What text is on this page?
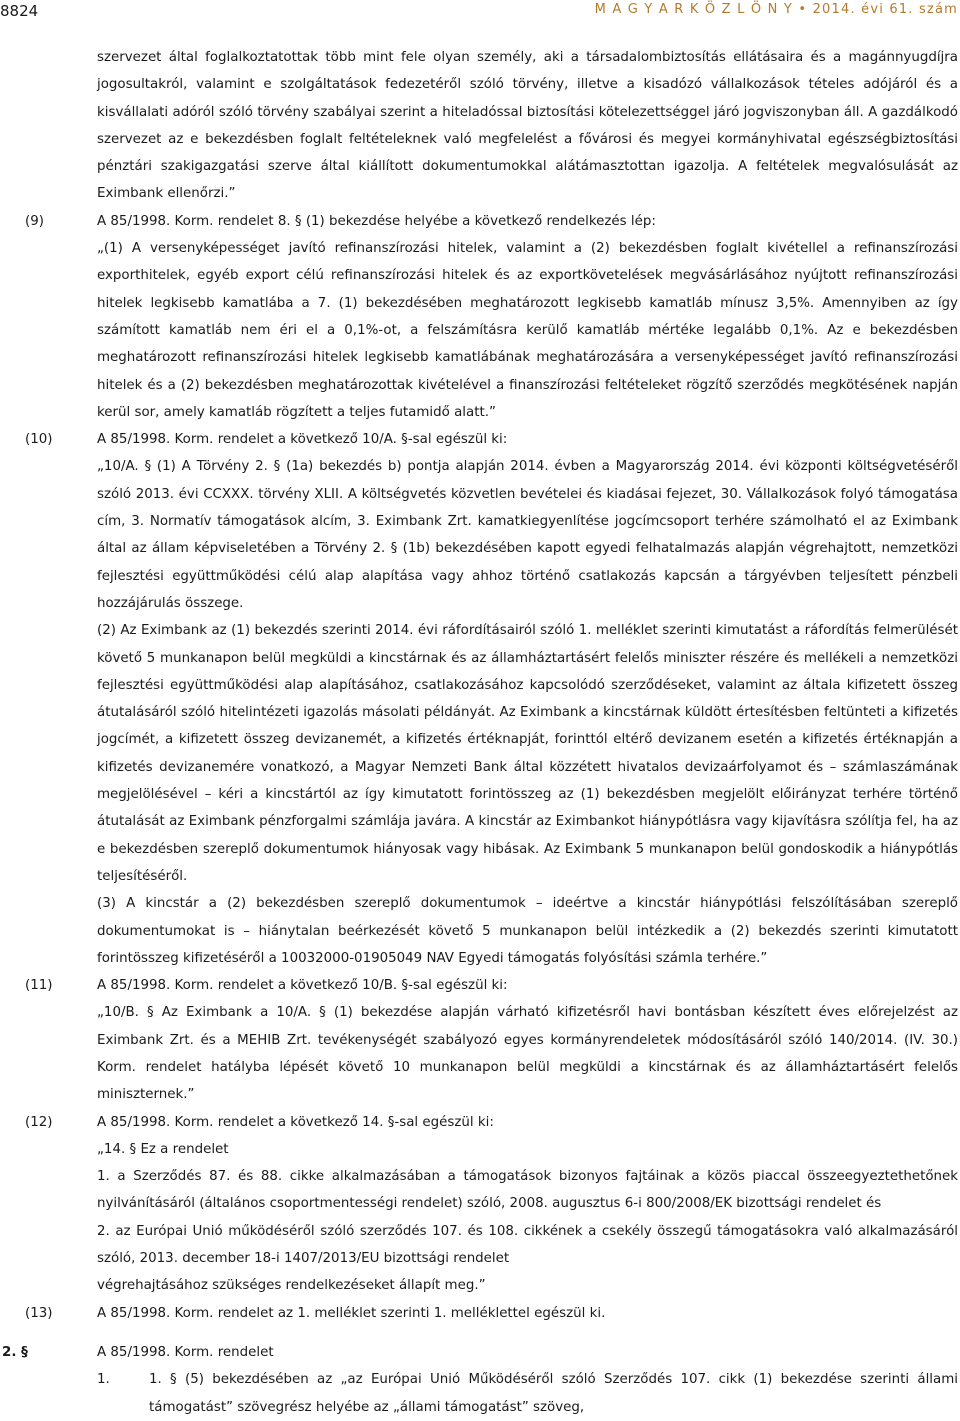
8824	M A G Y A R K Ö Z L Ö N Y • 2014. évi 61. szám
szervezet által foglalkoztatottak több mint fele olyan személy, aki a társadalombiztosítás ellátásaira és a magánnyugdíjra jogosultakról, valamint e szolgáltatások fedezetéről szóló törvény, illetve a kisadózó vállalkozások tételes adójáról és a kisvállalati adóról szóló törvény szabályai szerint a hiteladóssal biztosítási kötelezettséggel járó jogviszonyban áll. A gazdálkodó szervezet az e bekezdésben foglalt feltételeknek való megfelelést a fővárosi és megyei kormányhivatal egészségbiztosítási pénztári szakigazgatási szerve által kiállított dokumentumokkal alátámasztottan igazolja. A feltételek megvalósulását az Eximbank ellenőrzi.”
(9)	A 85/1998. Korm. rendelet 8. § (1) bekezdése helyébe a következő rendelkezés lép:
„(1) A versenyképességet javító refinanszírozási hitelek, valamint a (2) bekezdésben foglalt kivétellel a refinanszírozási exporthitelek, egyéb export célú refinanszírozási hitelek és az exportkövetelések megvásárlásához nyújtott refinanszírozási hitelek legkisebb kamatlába a 7. (1) bekezdésében meghatározott legkisebb kamatláb mínusz 3,5%. Amennyiben az így számított kamatláb nem éri el a 0,1%-ot, a felszámításra kerülő kamatláb mértéke legalább 0,1%. Az e bekezdésben meghatározott refinanszírozási hitelek legkisebb kamatlábának meghatározására a versenyképességet javító refinanszírozási hitelek és a (2) bekezdésben meghatározottak kivételével a finanszírozási feltételeket rögzítő szerződés megkötésének napján kerül sor, amely kamatláb rögzített a teljes futamidő alatt.”
(10)	A 85/1998. Korm. rendelet a következő 10/A. §-sal egészül ki:
„10/A. § (1) A Törvény 2. § (1a) bekezdés b) pontja alapján 2014. évben a Magyarország 2014. évi központi költségvetéséről szóló 2013. évi CCXXX. törvény XLII. A költségvetés közvetlen bevételei és kiadásai fejezet, 30. Vállalkozások folyó támogatása cím, 3. Normatív támogatások alcím, 3. Eximbank Zrt. kamatkiegyenlítése jogcímcsoport terhére számolható el az Eximbank által az állam képviseletében a Törvény 2. § (1b) bekezdésében kapott egyedi felhatalmazás alapján végrehajtott, nemzetközi fejlesztési együttműködési célú alap alapítása vagy ahhoz történő csatlakozás kapcsán a tárgyévben teljesített pénzbeli hozzájárulás összege.
(2) Az Eximbank az (1) bekezdés szerinti 2014. évi ráfordításairól szóló 1. melléklet szerinti kimutatást a ráfordítás felmerülését követő 5 munkanapon belül megküldi a kincstárnak és az államháztartásért felelős miniszter részére és mellékeli a nemzetközi fejlesztési együttműködési alap alapításához, csatlakozásához kapcsolódó szerződéseket, valamint az általa kifizetett összeg átutalásáról szóló hitelintézeti igazolás másolati példányát. Az Eximbank a kincstárnak küldött értesítésben feltünteti a kifizetés jogcímét, a kifizetett összeg devizanemét, a kifizetés értéknapját, forinttól eltérő devizanem esetén a kifizetés értéknapján a kifizetés devizanemére vonatkozó, a Magyar Nemzeti Bank által közzétett hivatalos devizaárfolyamot és – számlaszámának megjelölésével – kéri a kincstártól az így kimutatott forintösszeg az (1) bekezdésben megjelölt előirányzat terhére történő átutalását az Eximbank pénzforgalmi számlája javára. A kincstár az Eximbankot hiánypótlásra vagy kijavításra szólítja fel, ha az e bekezdésben szereplő dokumentumok hiányosak vagy hibásak. Az Eximbank 5 munkanapon belül gondoskodik a hiánypótlás teljesítéséről.
(3) A kincstár a (2) bekezdésben szereplő dokumentumok – ideértve a kincstár hiánypótlási felszólításában szereplő dokumentumokat is – hiánytalan beérkezését követő 5 munkanapon belül intézkedik a (2) bekezdés szerinti kimutatott forintösszeg kifizetéséről a 10032000-01905049 NAV Egyedi támogatás folyósítási számla terhére.”
(11)	A 85/1998. Korm. rendelet a következő 10/B. §-sal egészül ki:
„10/B. § Az Eximbank a 10/A. § (1) bekezdése alapján várható kifizetésről havi bontásban készített éves előrejelzést az Eximbank Zrt. és a MEHIB Zrt. tevékenységét szabályozó egyes kormányrendeletek módosításáról szóló 140/2014. (IV. 30.) Korm. rendelet hatályba lépését követő 10 munkanapon belül megküldi a kincstárnak és az államháztartásért felelős miniszternek.”
(12)	A 85/1998. Korm. rendelet a következő 14. §-sal egészül ki:
„14. § Ez a rendelet
1. a Szerződés 87. és 88. cikke alkalmazásában a támogatások bizonyos fajtáinak a közös piaccal összeegyeztethetőnek nyilvánításáról (általános csoportmentességi rendelet) szóló, 2008. augusztus 6-i 800/2008/EK bizottsági rendelet és
2. az Európai Unió működéséről szóló szerződés 107. és 108. cikkének a csekély összegű támogatásokra való alkalmazásáról szóló, 2013. december 18-i 1407/2013/EU bizottsági rendelet
végrehajtásához szükséges rendelkezéseket állapít meg.”
(13)	A 85/1998. Korm. rendelet az 1. melléklet szerinti 1. melléklettel egészül ki.
2. §	A 85/1998. Korm. rendelet
1.	1. § (5) bekezdésében az „az Európai Unió Működéséről szóló Szerződés 107. cikk (1) bekezdése szerinti állami támogatást” szövegrész helyébe az „állami támogatást” szöveg,
